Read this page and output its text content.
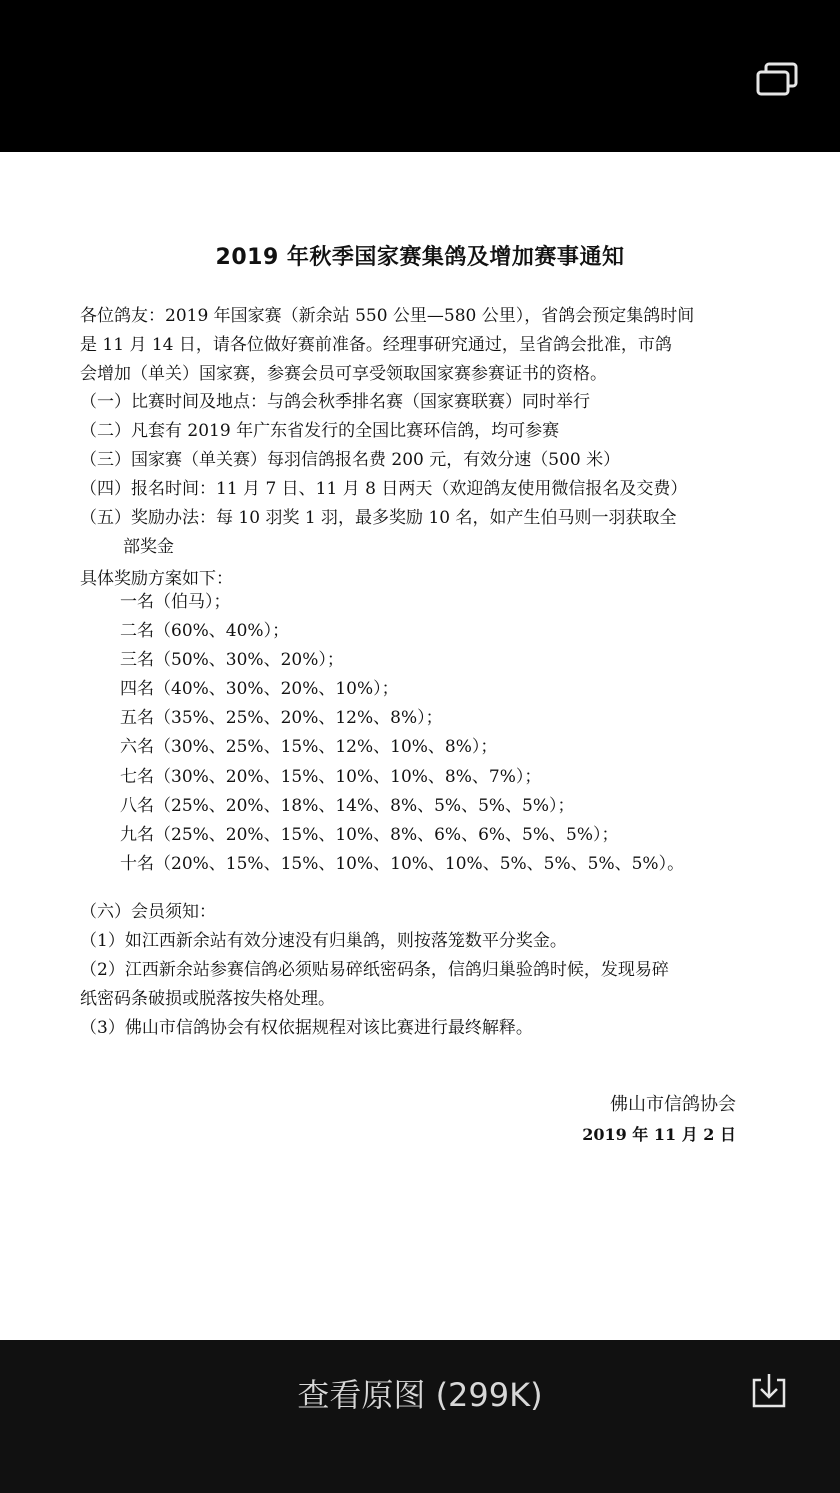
2019 年秋季国家赛集鸽及增加赛事通知
各位鸽友：2019 年国家赛（新余站 550 公里—580 公里），省鸽会预定集鸽时间
是 11 月 14 日，请各位做好赛前准备。经理事研究通过，呈省鸽会批准，市鸽
会增加（单关）国家赛，参赛会员可享受领取国家赛参赛证书的资格。
（一）比赛时间及地点：与鸽会秋季排名赛（国家赛联赛）同时举行
（二）凡套有 2019 年广东省发行的全国比赛环信鸽，均可参赛
（三）国家赛（单关赛）每羽信鸽报名费 200 元，有效分速（500 米）
（四）报名时间：11 月 7 日、11 月 8 日两天（欢迎鸽友使用微信报名及交费）
（五）奖励办法：每 10 羽奖 1 羽，最多奖励 10 名，如产生伯马则一羽获取全
部奖金
具体奖励方案如下：
一名（伯马）；
二名（60%、40%）；
三名（50%、30%、20%）；
四名（40%、30%、20%、10%）；
五名（35%、25%、20%、12%、8%）；
六名（30%、25%、15%、12%、10%、8%）；
七名（30%、20%、15%、10%、10%、8%、7%）；
八名（25%、20%、18%、14%、8%、5%、5%、5%）；
九名（25%、20%、15%、10%、8%、6%、6%、5%、5%）；
十名（20%、15%、15%、10%、10%、10%、5%、5%、5%、5%）。
（六）会员须知：
（1）如江西新余站有效分速没有归巢鸽，则按落笼数平分奖金。
（2）江西新余站参赛信鸽必须贴易碎纸密码条，信鸽归巢验鸽时候，发现易碎
纸密码条破损或脱落按失格处理。
（3）佛山市信鸽协会有权依据规程对该比赛进行最终解释。
佛山市信鸽协会
2019 年 11 月 2 日
查看原图 (299K)
